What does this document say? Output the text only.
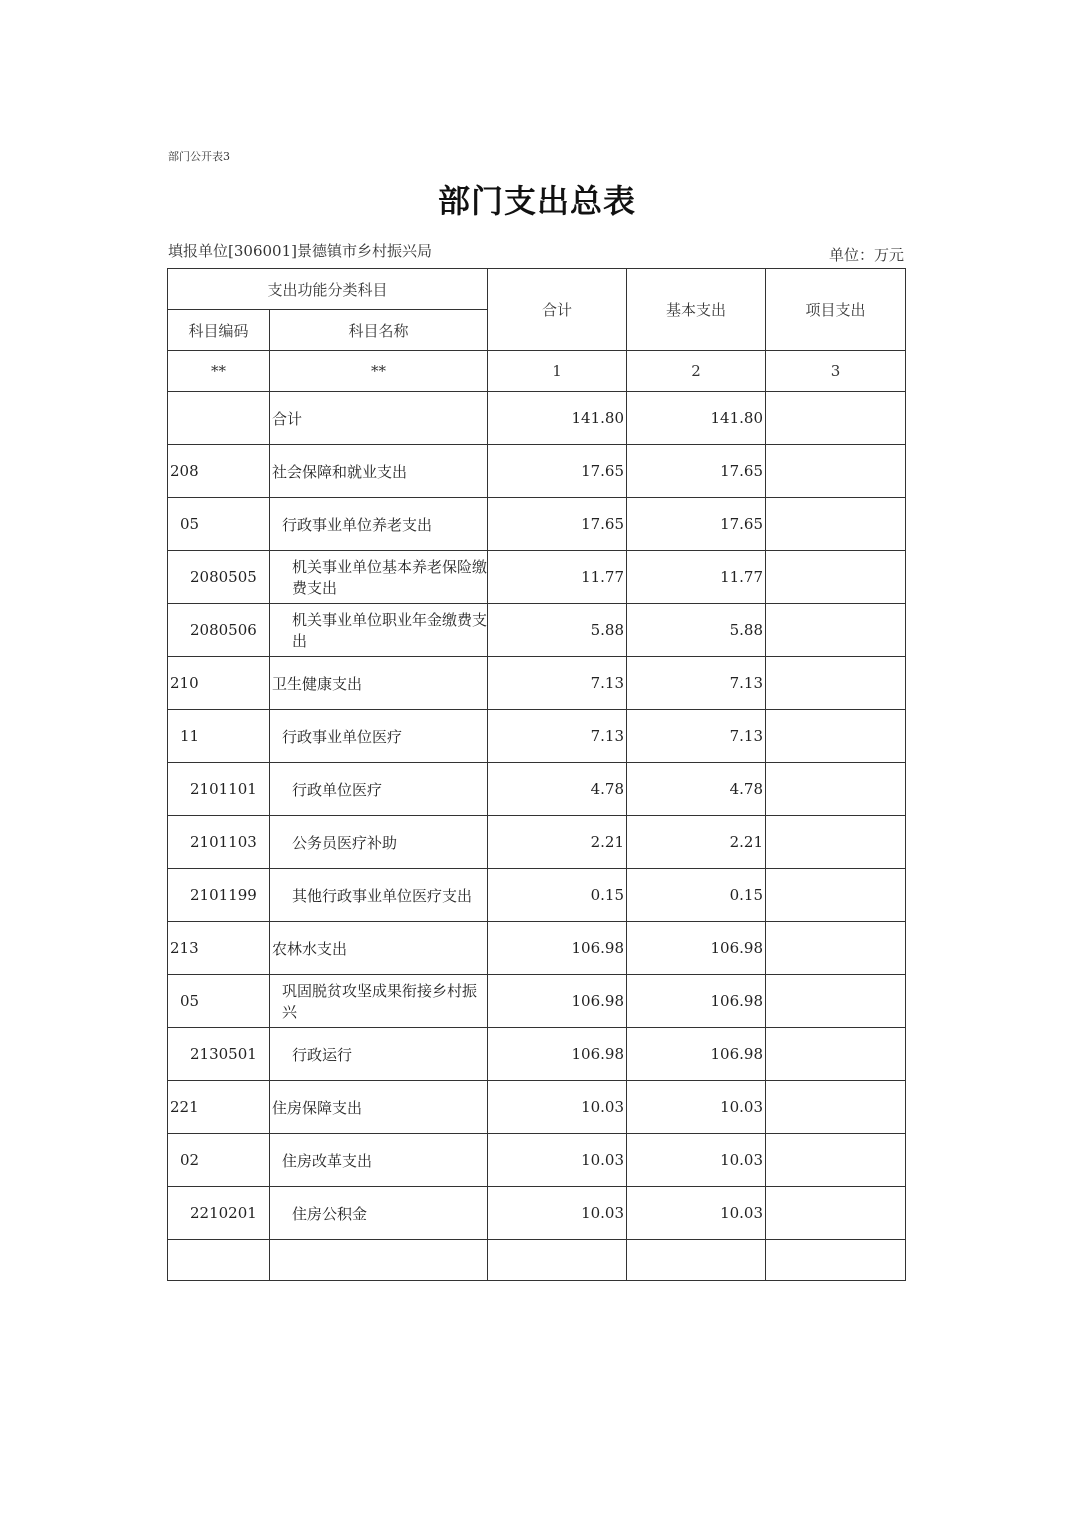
部门公开表3
部门支出总表
填报单位[306001]景德镇市乡村振兴局	单位：万元
支出功能分类科目		合计	基本支出	项目支出
科目编码	科目名称			
**	**	1	2	3
	合计	141.80	141.80	
208	社会保障和就业支出	17.65	17.65	
05	行政事业单位养老支出	17.65	17.65	
2080505	机关事业单位基本养老保险缴费支出	11.77	11.77	
2080506	机关事业单位职业年金缴费支出	5.88	5.88	
210	卫生健康支出	7.13	7.13	
11	行政事业单位医疗	7.13	7.13	
2101101	行政单位医疗	4.78	4.78	
2101103	公务员医疗补助	2.21	2.21	
2101199	其他行政事业单位医疗支出	0.15	0.15	
213	农林水支出	106.98	106.98	
05	巩固脱贫攻坚成果衔接乡村振兴	106.98	106.98	
2130501	行政运行	106.98	106.98	
221	住房保障支出	10.03	10.03	
02	住房改革支出	10.03	10.03	
2210201	住房公积金	10.03	10.03	
